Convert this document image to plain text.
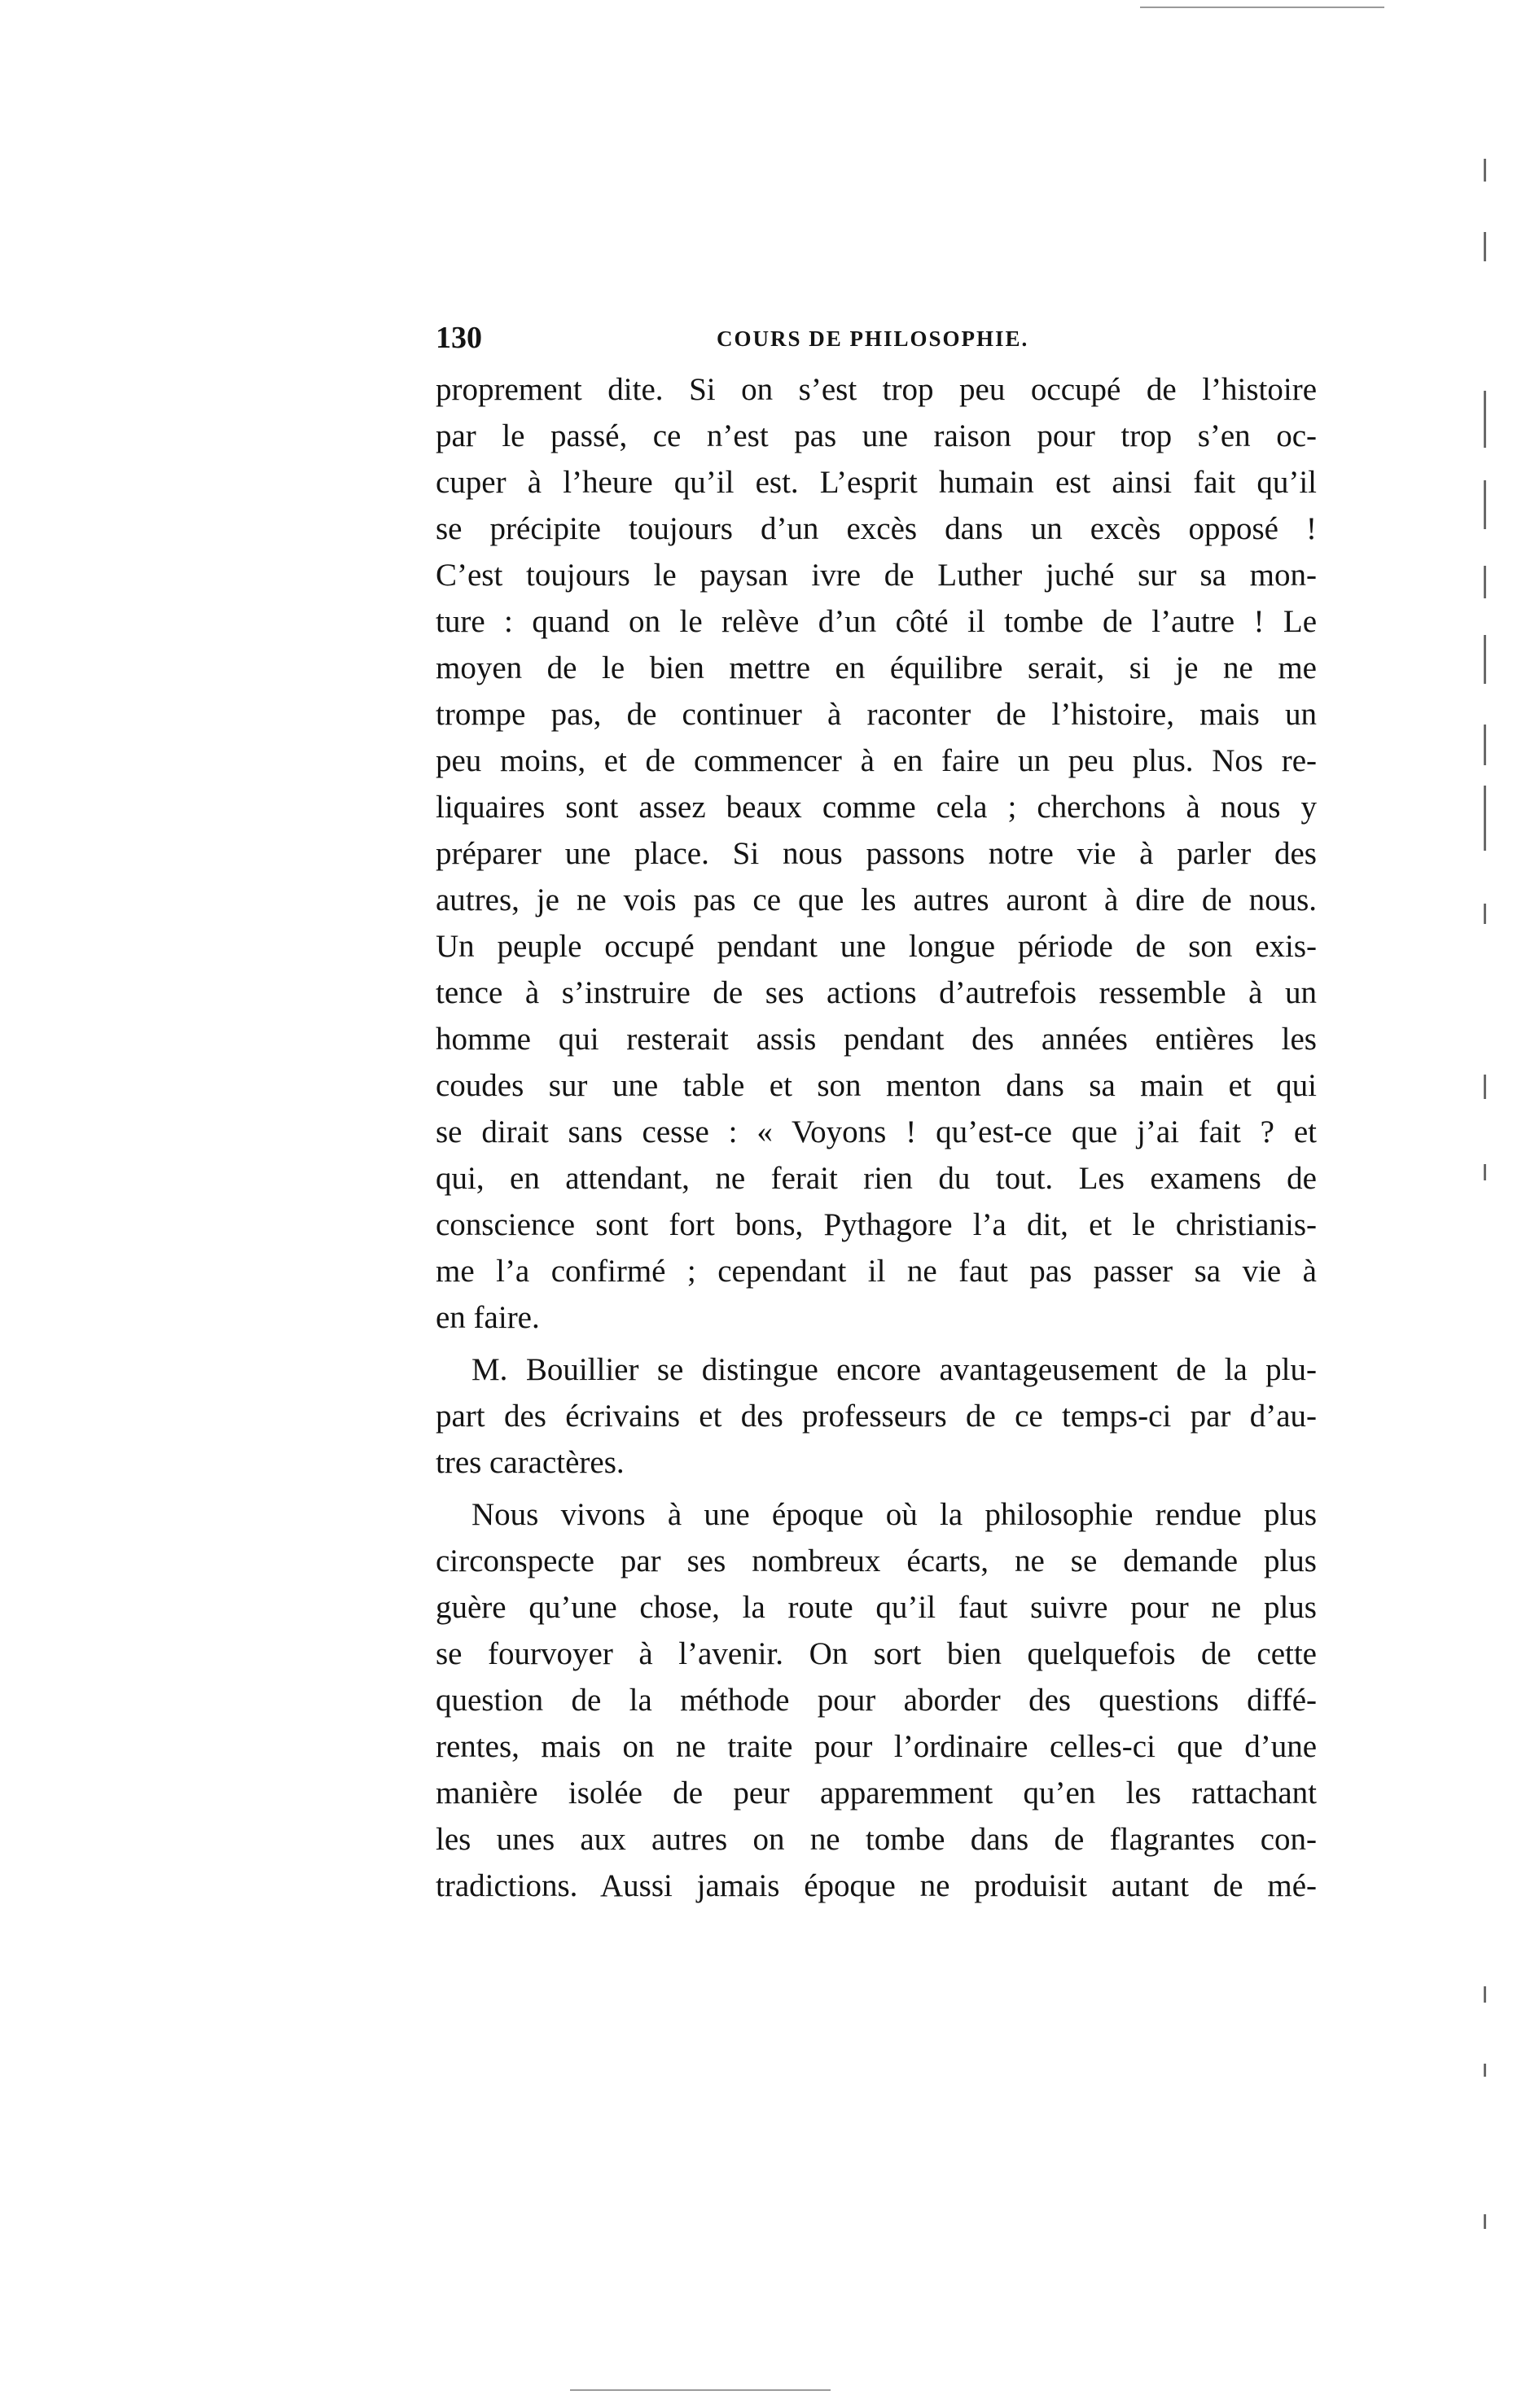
130	COURS DE PHILOSOPHIE.
proprement dite. Si on s’est trop peu occupé de l’histoire
par le passé, ce n’est pas une raison pour trop s’en oc-
cuper à l’heure qu’il est. L’esprit humain est ainsi fait qu’il
se précipite toujours d’un excès dans un excès opposé !
C’est toujours le paysan ivre de Luther juché sur sa mon-
ture : quand on le relève d’un côté il tombe de l’autre ! Le
moyen de le bien mettre en équilibre serait, si je ne me
trompe pas, de continuer à raconter de l’histoire, mais un
peu moins, et de commencer à en faire un peu plus. Nos re-
liquaires sont assez beaux comme cela ; cherchons à nous y
préparer une place. Si nous passons notre vie à parler des
autres, je ne vois pas ce que les autres auront à dire de nous.
Un peuple occupé pendant une longue période de son exis-
tence à s’instruire de ses actions d’autrefois ressemble à un
homme qui resterait assis pendant des années entières les
coudes sur une table et son menton dans sa main et qui
se dirait sans cesse : « Voyons ! qu’est-ce que j’ai fait ? et
qui, en attendant, ne ferait rien du tout. Les examens de
conscience sont fort bons, Pythagore l’a dit, et le christianis-
me l’a confirmé ; cependant il ne faut pas passer sa vie à
en faire.
M. Bouillier se distingue encore avantageusement de la plu-
part des écrivains et des professeurs de ce temps-ci par d’au-
tres caractères.
Nous vivons à une époque où la philosophie rendue plus
circonspecte par ses nombreux écarts, ne se demande plus
guère qu’une chose, la route qu’il faut suivre pour ne plus
se fourvoyer à l’avenir. On sort bien quelquefois de cette
question de la méthode pour aborder des questions diffé-
rentes, mais on ne traite pour l’ordinaire celles-ci que d’une
manière isolée de peur apparemment qu’en les rattachant
les unes aux autres on ne tombe dans de flagrantes con-
tradictions. Aussi jamais époque ne produisit autant de mé-
